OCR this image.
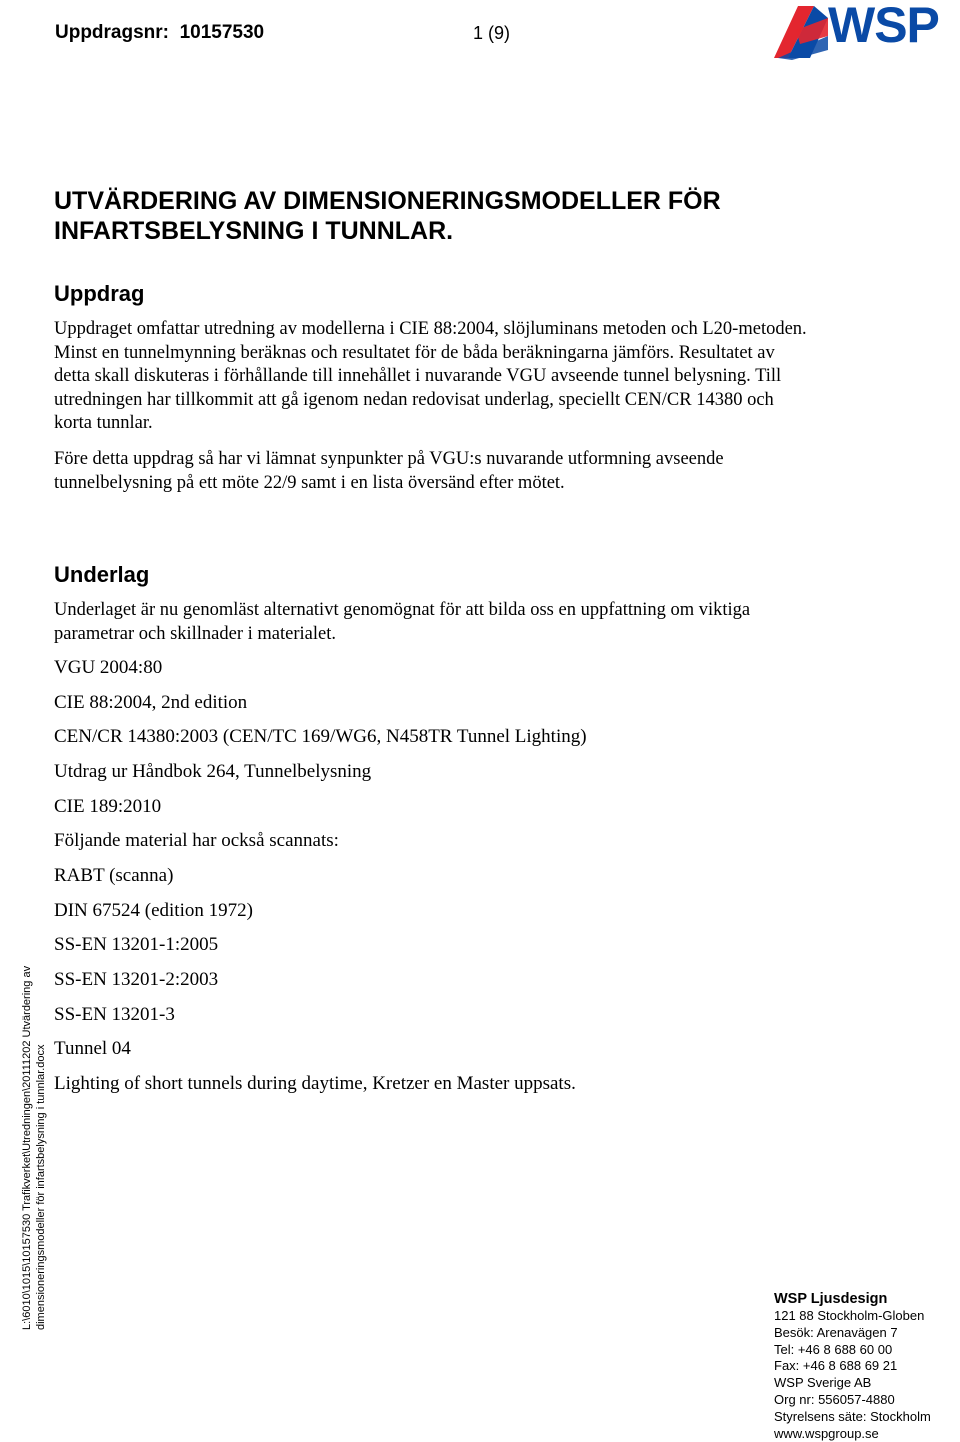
Uppdragsnr: 10157530	1 (9)	WSP
UTVÄRDERING AV DIMENSIONERINGSMODELLER FÖR INFARTSBELYSNING I TUNNLAR.
Uppdrag
Uppdraget omfattar utredning av modellerna i CIE 88:2004, slöjluminans metoden och L20-metoden. Minst en tunnelmynning beräknas och resultatet för de båda beräkningarna jämförs. Resultatet av detta skall diskuteras i förhållande till innehållet i nuvarande VGU avseende tunnel belysning. Till utredningen har tillkommit att gå igenom nedan redovisat underlag, speciellt CEN/CR 14380 och korta tunnlar.
Före detta uppdrag så har vi lämnat synpunkter på VGU:s nuvarande utformning avseende tunnelbelysning på ett möte 22/9 samt i en lista översänd efter mötet.
Underlag
Underlaget är nu genomläst alternativt genomögnat för att bilda oss en uppfattning om viktiga parametrar och skillnader i materialet.
VGU 2004:80
CIE 88:2004, 2nd edition
CEN/CR 14380:2003 (CEN/TC 169/WG6, N458TR Tunnel Lighting)
Utdrag ur Håndbok 264, Tunnelbelysning
CIE 189:2010
Följande material har också scannats:
RABT (scanna)
DIN 67524 (edition 1972)
SS-EN 13201-1:2005
SS-EN 13201-2:2003
SS-EN 13201-3
Tunnel 04
Lighting of short tunnels during daytime, Kretzer en Master uppsats.
L:\6010\1015\10157530 Trafikverket\Utredningen\20111202 Utvärdering av dimensioneringsmodeller för infartsbelysning i tunnlar.docx	WSP Ljusdesign
121 88 Stockholm-Globen
Besök: Arenavägen 7
Tel: +46 8 688 60 00
Fax: +46 8 688 69 21
WSP Sverige AB
Org nr: 556057-4880
Styrelsens säte: Stockholm
www.wspgroup.se
